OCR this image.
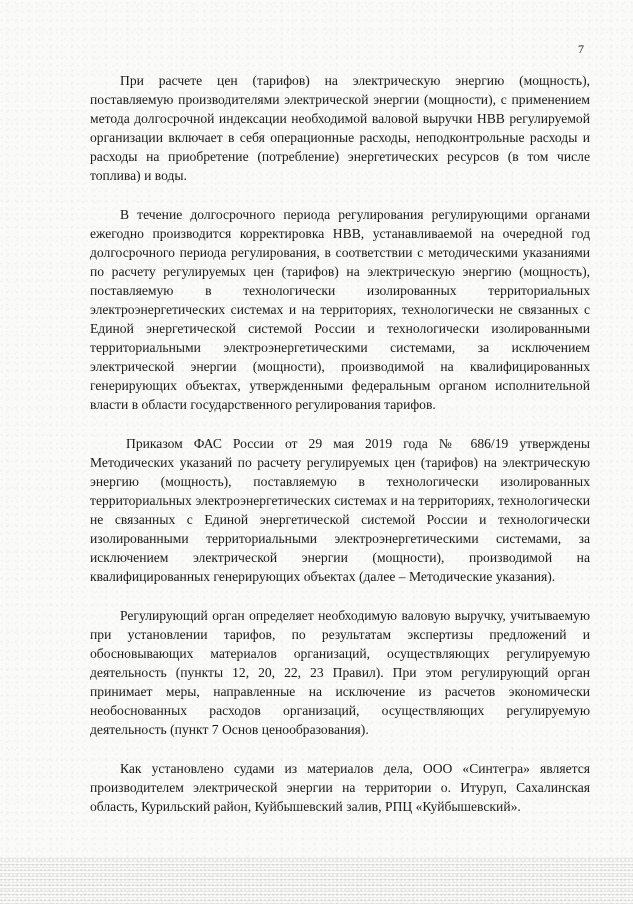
7

При расчете цен (тарифов) на электрическую энергию (мощность), поставляемую производителями электрической энергии (мощности), с применением метода долгосрочной индексации необходимой валовой выручки НВВ регулируемой организации включает в себя операционные расходы, неподконтрольные расходы и расходы на приобретение (потребление) энергетических ресурсов (в том числе топлива) и воды.

В течение долгосрочного периода регулирования регулирующими органами ежегодно производится корректировка НВВ, устанавливаемой на очередной год долгосрочного периода регулирования, в соответствии с методическими указаниями по расчету регулируемых цен (тарифов) на электрическую энергию (мощность), поставляемую в технологически изолированных территориальных электроэнергетических системах и на территориях, технологически не связанных с Единой энергетической системой России и технологически изолированными территориальными электроэнергетическими системами, за исключением электрической энергии (мощности), производимой на квалифицированных генерирующих объектах, утвержденными федеральным органом исполнительной власти в области государственного регулирования тарифов.

Приказом ФАС России от 29 мая 2019 года № 686/19 утверждены Методических указаний по расчету регулируемых цен (тарифов) на электрическую энергию (мощность), поставляемую в технологически изолированных территориальных электроэнергетических системах и на территориях, технологически не связанных с Единой энергетической системой России и технологически изолированными территориальными электроэнергетическими системами, за исключением электрической энергии (мощности), производимой на квалифицированных генерирующих объектах (далее – Методические указания).

Регулирующий орган определяет необходимую валовую выручку, учитываемую при установлении тарифов, по результатам экспертизы предложений и обосновывающих материалов организаций, осуществляющих регулируемую деятельность (пункты 12, 20, 22, 23 Правил). При этом регулирующий орган принимает меры, направленные на исключение из расчетов экономически необоснованных расходов организаций, осуществляющих регулируемую деятельность (пункт 7 Основ ценообразования).

Как установлено судами из материалов дела, ООО «Синтегра» является производителем электрической энергии на территории о. Итуруп, Сахалинская область, Курильский район, Куйбышевский залив, РПЦ «Куйбышевский».
